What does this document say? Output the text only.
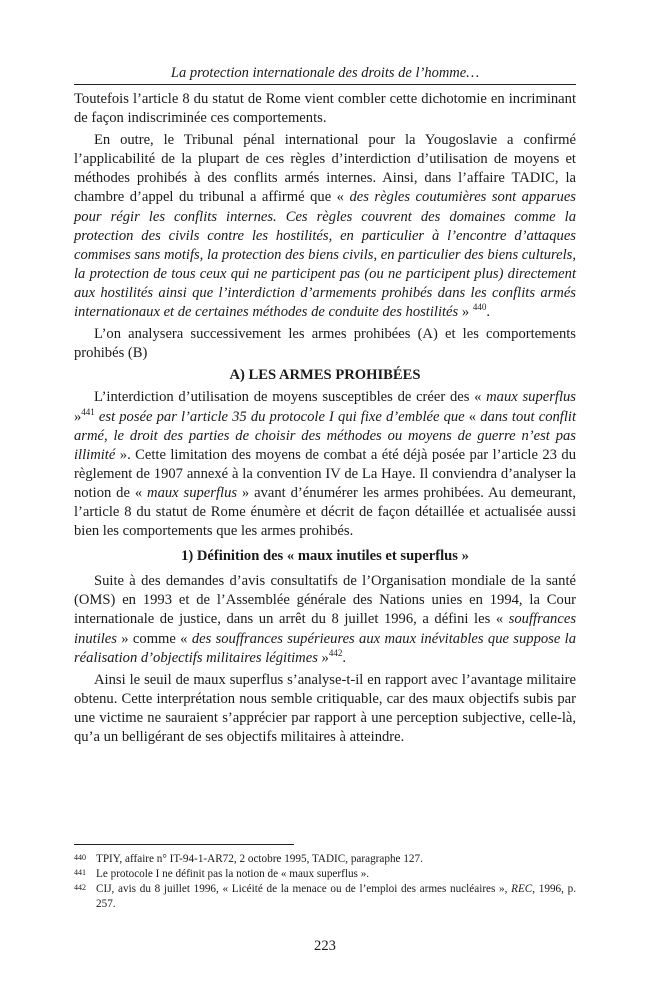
La protection internationale des droits de l’homme…

Toutefois l’article 8 du statut de Rome vient combler cette dichotomie en incriminant de façon indiscriminée ces comportements.

En outre, le Tribunal pénal international pour la Yougoslavie a confirmé l’applicabilité de la plupart de ces règles d’interdiction d’utilisation de moyens et méthodes prohibés à des conflits armés internes. Ainsi, dans l’affaire TADIC, la chambre d’appel du tribunal a affirmé que « des règles coutumières sont apparues pour régir les conflits internes. Ces règles couvrent des domaines comme la protection des civils contre les hostilités, en particulier à l’encontre d’attaques commises sans motifs, la protection des biens civils, en particulier des biens culturels, la protection de tous ceux qui ne participent pas (ou ne participent plus) directement aux hostilités ainsi que l’interdiction d’armements prohibés dans les conflits armés internationaux et de certaines méthodes de conduite des hostilités » $^{440}$.

L’on analysera successivement les armes prohibées (A) et les comportements prohibés (B)

A) LES ARMES PROHIBÉES

L’interdiction d’utilisation de moyens susceptibles de créer des « maux superflus »$^{441}$ est posée par l’article 35 du protocole I qui fixe d’emblée que « dans tout conflit armé, le droit des parties de choisir des méthodes ou moyens de guerre n’est pas illimité ». Cette limitation des moyens de combat a été déjà posée par l’article 23 du règlement de 1907 annexé à la convention IV de La Haye. Il conviendra d’analyser la notion de « maux superflus » avant d’énumérer les armes prohibées. Au demeurant, l’article 8 du statut de Rome énumère et décrit de façon détaillée et actualisée aussi bien les comportements que les armes prohibés.

1) Définition des « maux inutiles et superflus »

Suite à des demandes d’avis consultatifs de l’Organisation mondiale de la santé (OMS) en 1993 et de l’Assemblée générale des Nations unies en 1994, la Cour internationale de justice, dans un arrêt du 8 juillet 1996, a défini les « souffrances inutiles » comme « des souffrances supérieures aux maux inévitables que suppose la réalisation d’objectifs militaires légitimes »$^{442}$.

Ainsi le seuil de maux superflus s’analyse-t-il en rapport avec l’avantage militaire obtenu. Cette interprétation nous semble critiquable, car des maux objectifs subis par une victime ne sauraient s’apprécier par rapport à une perception subjective, celle-là, qu’a un belligérant de ses objectifs militaires à atteindre.

440 TPIY, affaire n° IT-94-1-AR72, 2 octobre 1995, TADIC, paragraphe 127.
441 Le protocole I ne définit pas la notion de « maux superflus ».
442 CIJ, avis du 8 juillet 1996, « Licéité de la menace ou de l’emploi des armes nucléaires », REC, 1996, p. 257.
223
